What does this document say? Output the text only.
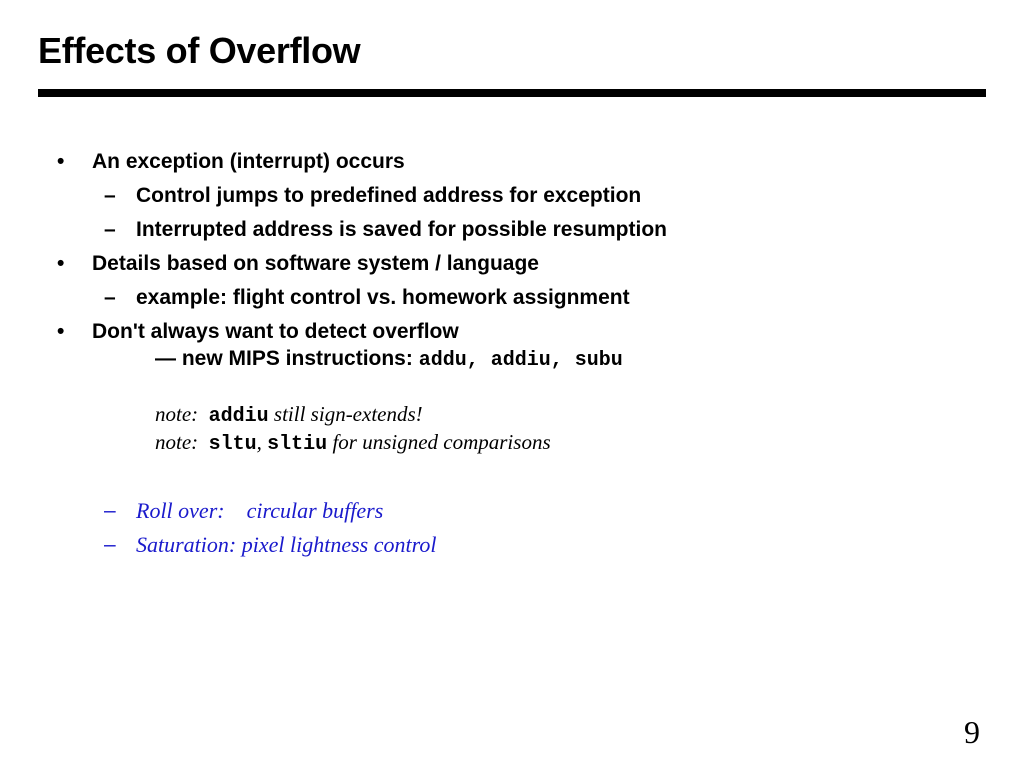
Effects of Overflow
• An exception (interrupt) occurs
– Control jumps to predefined address for exception
– Interrupted address is saved for possible resumption
• Details based on software system / language
– example: flight control vs. homework assignment
• Don't always want to detect overflow
— new MIPS instructions: addu, addiu, subu
note: addiu still sign-extends!
note: sltu, sltiu for unsigned comparisons
– Roll over: circular buffers
– Saturation: pixel lightness control
9
